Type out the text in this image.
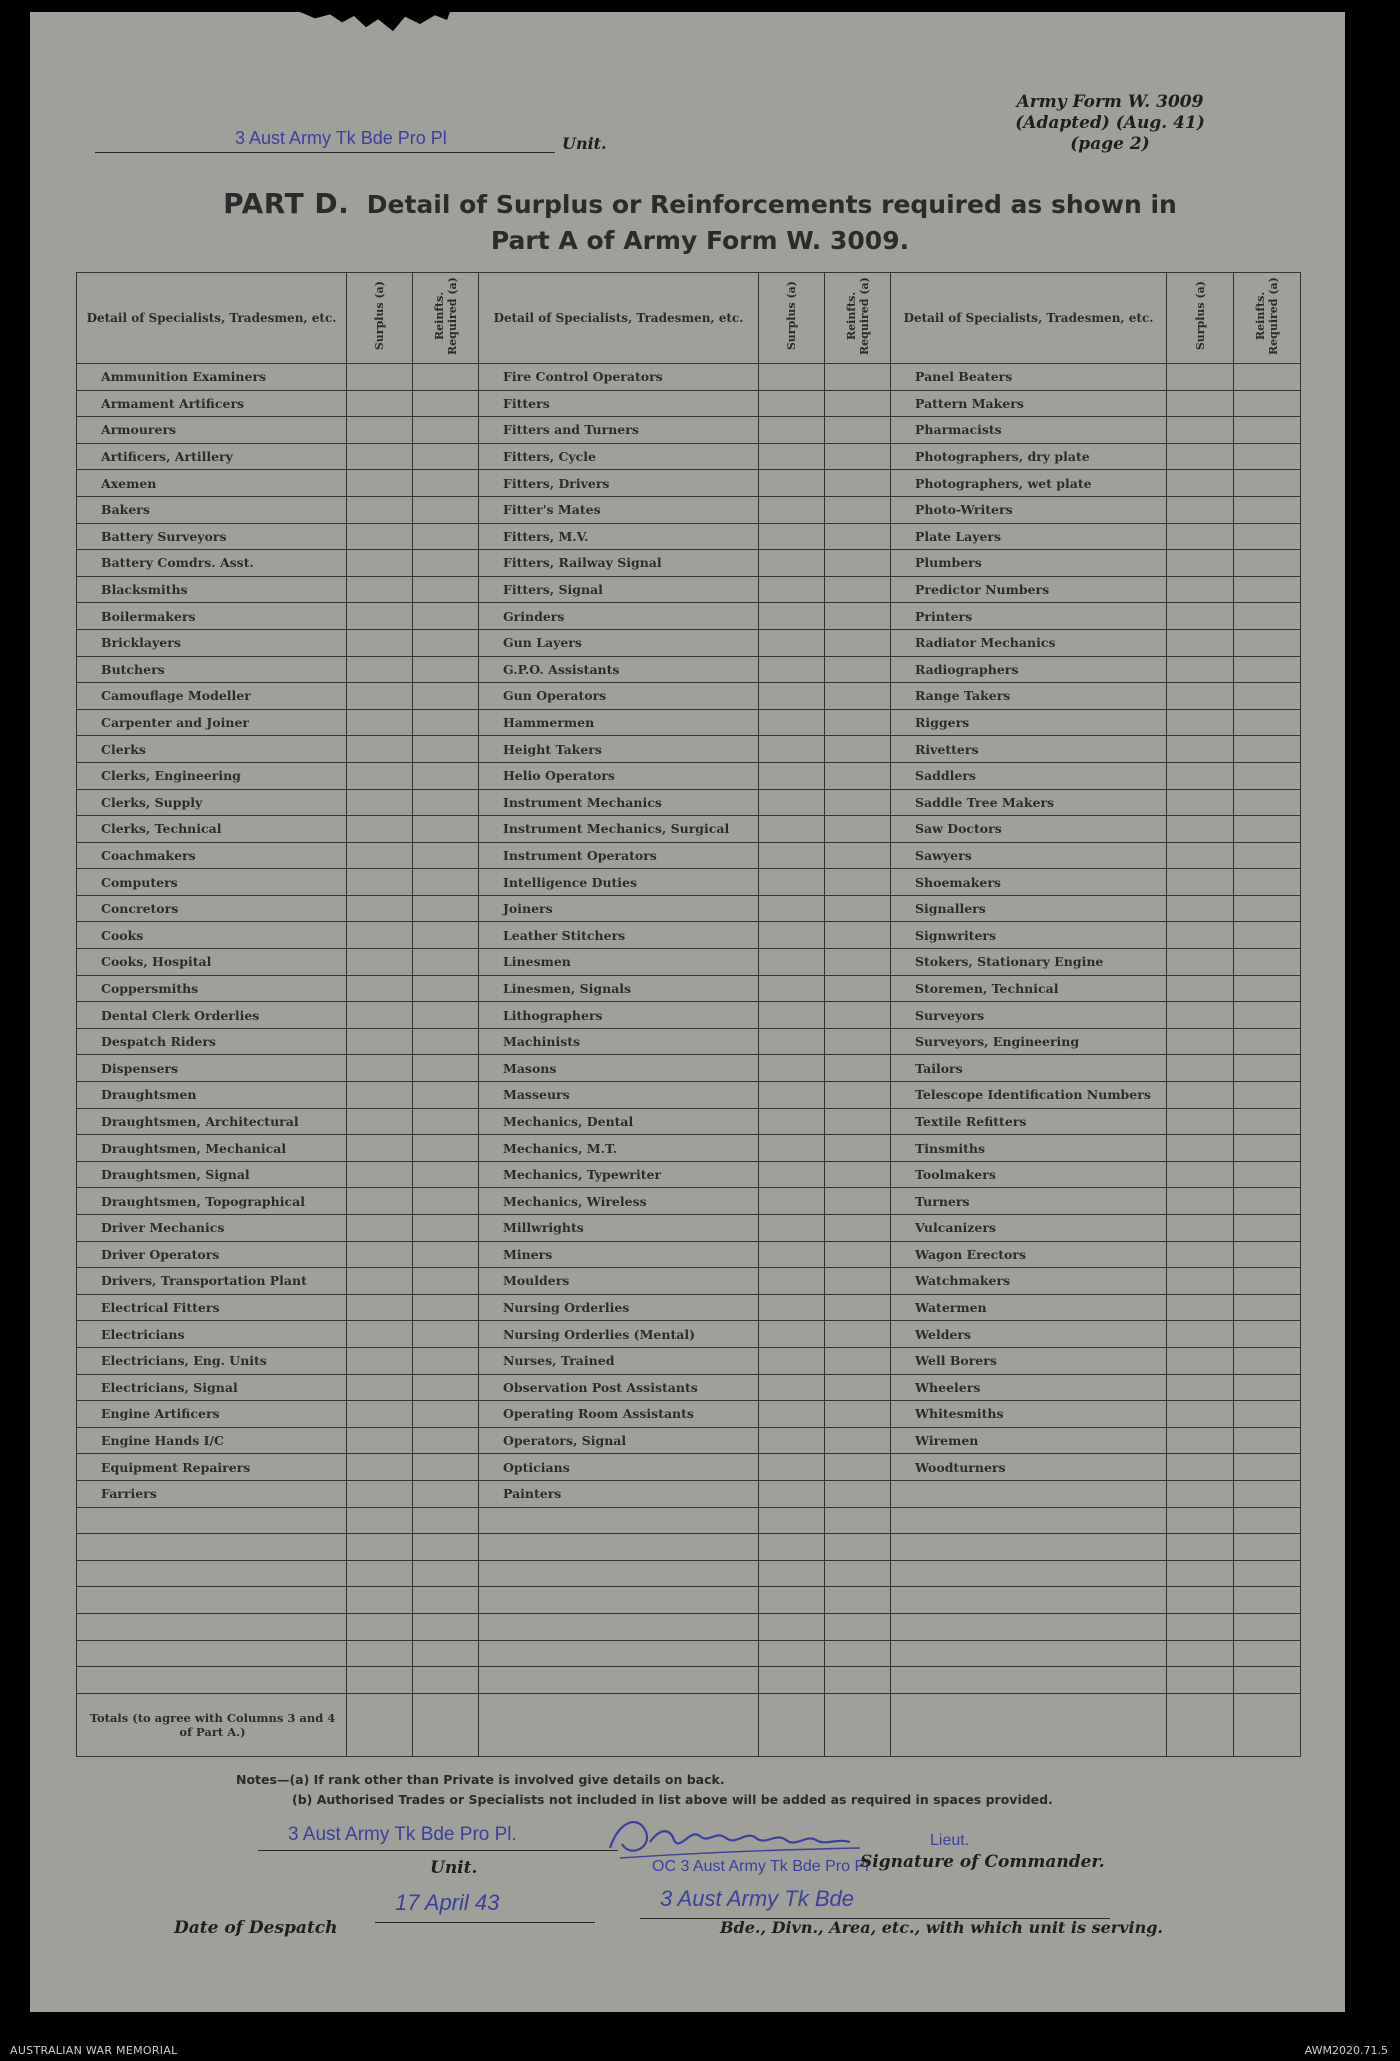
Army Form W. 3009
(Adapted) (Aug. 41)
(page 2)
3 Aust Army Tk Bde Pro Pl	Unit.
PART D. Detail of Surplus or Reinforcements required as shown in
Part A of Army Form W. 3009.
Detail of Specialists, Tradesmen, etc.	Surplus (a)	Reinfts. Required (a)	Detail of Specialists, Tradesmen, etc.	Surplus (a)	Reinfts. Required (a)	Detail of Specialists, Tradesmen, etc.	Surplus (a)	Reinfts. Required (a)
Ammunition Examiners			Fire Control Operators			Panel Beaters		
Armament Artificers			Fitters			Pattern Makers		
Armourers			Fitters and Turners			Pharmacists		
Artificers, Artillery			Fitters, Cycle			Photographers, dry plate		
Axemen			Fitters, Drivers			Photographers, wet plate		
Bakers			Fitter's Mates			Photo-Writers		
Battery Surveyors			Fitters, M.V.			Plate Layers		
Battery Comdrs. Asst.			Fitters, Railway Signal			Plumbers		
Blacksmiths			Fitters, Signal			Predictor Numbers		
Boilermakers			Grinders			Printers		
Bricklayers			Gun Layers			Radiator Mechanics		
Butchers			G.P.O. Assistants			Radiographers		
Camouflage Modeller			Gun Operators			Range Takers		
Carpenter and Joiner			Hammermen			Riggers		
Clerks			Height Takers			Rivetters		
Clerks, Engineering			Helio Operators			Saddlers		
Clerks, Supply			Instrument Mechanics			Saddle Tree Makers		
Clerks, Technical			Instrument Mechanics, Surgical			Saw Doctors		
Coachmakers			Instrument Operators			Sawyers		
Computers			Intelligence Duties			Shoemakers		
Concretors			Joiners			Signallers		
Cooks			Leather Stitchers			Signwriters		
Cooks, Hospital			Linesmen			Stokers, Stationary Engine		
Coppersmiths			Linesmen, Signals			Storemen, Technical		
Dental Clerk Orderlies			Lithographers			Surveyors		
Despatch Riders			Machinists			Surveyors, Engineering		
Dispensers			Masons			Tailors		
Draughtsmen			Masseurs			Telescope Identification Numbers		
Draughtsmen, Architectural			Mechanics, Dental			Textile Refitters		
Draughtsmen, Mechanical			Mechanics, M.T.			Tinsmiths		
Draughtsmen, Signal			Mechanics, Typewriter			Toolmakers		
Draughtsmen, Topographical			Mechanics, Wireless			Turners		
Driver Mechanics			Millwrights			Vulcanizers		
Driver Operators			Miners			Wagon Erectors		
Drivers, Transportation Plant			Moulders			Watchmakers		
Electrical Fitters			Nursing Orderlies			Watermen		
Electricians			Nursing Orderlies (Mental)			Welders		
Electricians, Eng. Units			Nurses, Trained			Well Borers		
Electricians, Signal			Observation Post Assistants			Wheelers		
Engine Artificers			Operating Room Assistants			Whitesmiths		
Engine Hands I/C			Operators, Signal			Wiremen		
Equipment Repairers			Opticians			Woodturners		
Farriers			Painters					

Totals (to agree with Columns 3 and 4 of Part A.)								

Notes—(a) If rank other than Private is involved give details on back.
(b) Authorised Trades or Specialists not included in list above will be added as required in spaces provided.
3 Aust Army Tk Bde Pro Pl.
Unit.
Lieut.
OC 3 Aust Army Tk Bde Pro Pl
Signature of Commander.
3 Aust Army Tk Bde
Bde., Divn., Area, etc., with which unit is serving.
Date of Despatch
17 April 43
AUSTRALIAN WAR MEMORIAL	AWM2020.71.5
